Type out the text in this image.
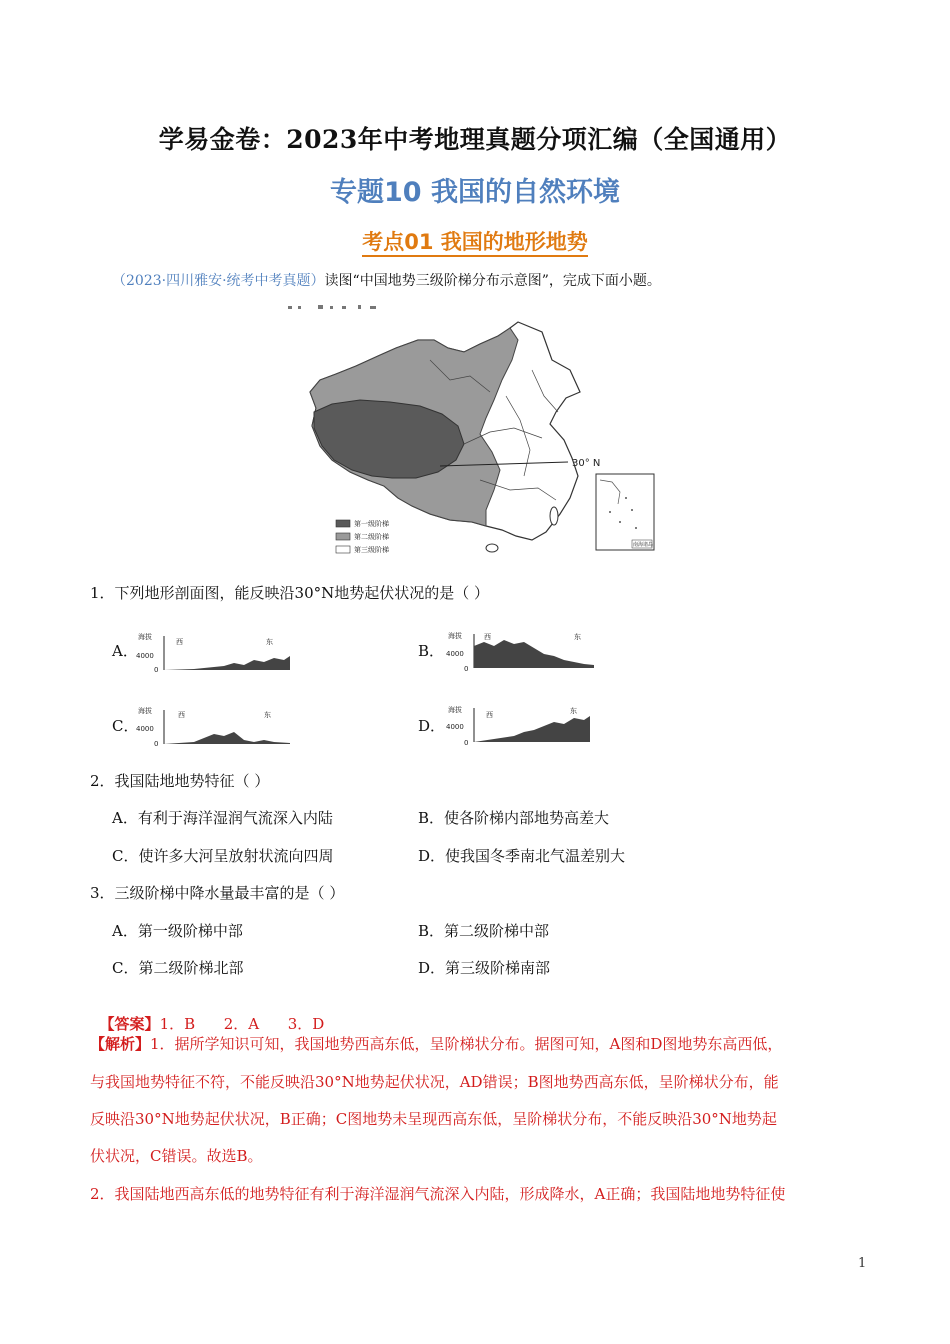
学易金卷：2023年中考地理真题分项汇编（全国通用）
专题10 我国的自然环境
考点01 我国的地形地势
（2023·四川雅安·统考中考真题）读图“中国地势三级阶梯分布示意图”，完成下面小题。
30° N
第一级阶梯
第二级阶梯
第三级阶梯
南海诸岛
1．下列地形剖面图，能反映沿30°N地势起伏状况的是（ ）
A．
海拔
4000
0
西	东	B．
海拔
4000
0
西	东
C．
海拔
4000
0
西	东
D．
海拔
4000
0
西	东
2．我国陆地地势特征（ ）
A．有利于海洋湿润气流深入内陆	B．使各阶梯内部地势高差大
C．使许多大河呈放射状流向四周	D．使我国冬季南北气温差别大
3．三级阶梯中降水量最丰富的是（ ）
A．第一级阶梯中部	B．第二级阶梯中部
C．第二级阶梯北部	D．第三级阶梯南部

【答案】1．B      2．A      3．D

【解析】1．据所学知识可知，我国地势西高东低，呈阶梯状分布。据图可知，A图和D图地势东高西低，
与我国地势特征不符，不能反映沿30°N地势起伏状况，AD错误；B图地势西高东低，呈阶梯状分布，能
反映沿30°N地势起伏状况，B正确；C图地势未呈现西高东低，呈阶梯状分布，不能反映沿30°N地势起
伏状况，C错误。故选B。
2．我国陆地西高东低的地势特征有利于海洋湿润气流深入内陆，形成降水，A正确；我国陆地地势特征使
1
